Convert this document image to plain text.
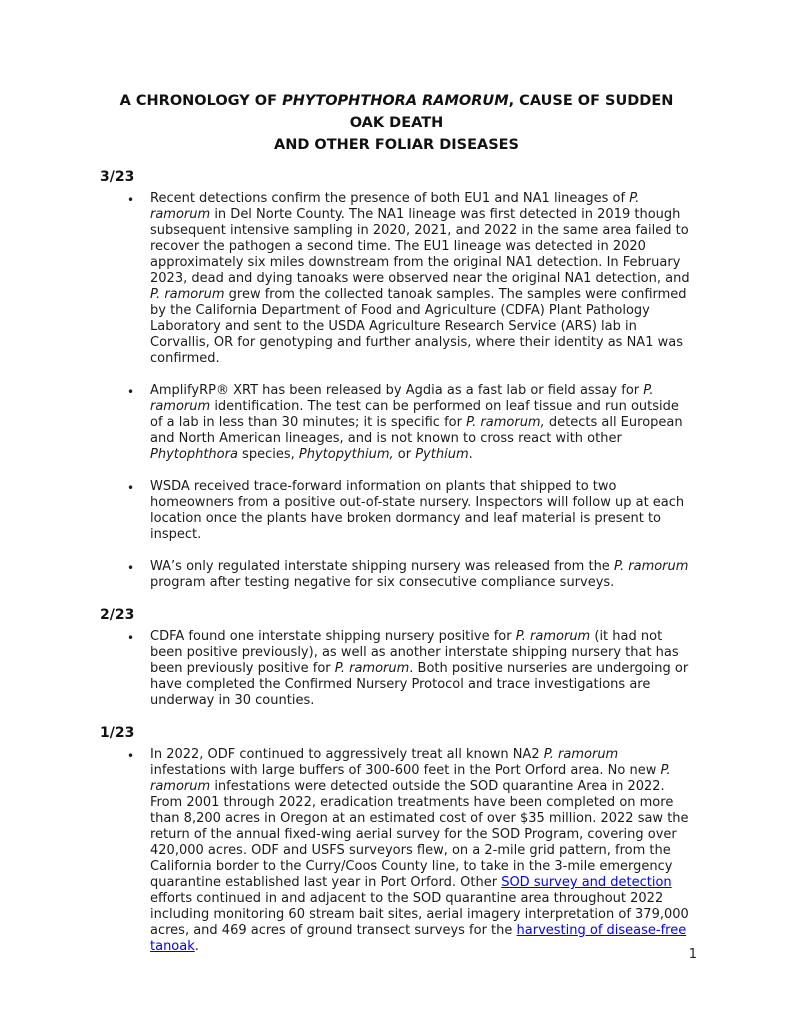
A CHRONOLOGY OF PHYTOPHTHORA RAMORUM, CAUSE OF SUDDEN OAK DEATH
AND OTHER FOLIAR DISEASES
3/23
• Recent detections confirm the presence of both EU1 and NA1 lineages of P. ramorum in Del Norte County. The NA1 lineage was first detected in 2019 though subsequent intensive sampling in 2020, 2021, and 2022 in the same area failed to recover the pathogen a second time. The EU1 lineage was detected in 2020 approximately six miles downstream from the original NA1 detection. In February 2023, dead and dying tanoaks were observed near the original NA1 detection, and P. ramorum grew from the collected tanoak samples. The samples were confirmed by the California Department of Food and Agriculture (CDFA) Plant Pathology Laboratory and sent to the USDA Agriculture Research Service (ARS) lab in Corvallis, OR for genotyping and further analysis, where their identity as NA1 was confirmed.
• AmplifyRP® XRT has been released by Agdia as a fast lab or field assay for P. ramorum identification. The test can be performed on leaf tissue and run outside of a lab in less than 30 minutes; it is specific for P. ramorum, detects all European and North American lineages, and is not known to cross react with other Phytophthora species, Phytopythium, or Pythium.
• WSDA received trace-forward information on plants that shipped to two homeowners from a positive out-of-state nursery. Inspectors will follow up at each location once the plants have broken dormancy and leaf material is present to inspect.
• WA’s only regulated interstate shipping nursery was released from the P. ramorum program after testing negative for six consecutive compliance surveys.
2/23
• CDFA found one interstate shipping nursery positive for P. ramorum (it had not been positive previously), as well as another interstate shipping nursery that has been previously positive for P. ramorum. Both positive nurseries are undergoing or have completed the Confirmed Nursery Protocol and trace investigations are underway in 30 counties.
1/23
• In 2022, ODF continued to aggressively treat all known NA2 P. ramorum infestations with large buffers of 300-600 feet in the Port Orford area. No new P. ramorum infestations were detected outside the SOD quarantine Area in 2022. From 2001 through 2022, eradication treatments have been completed on more than 8,200 acres in Oregon at an estimated cost of over $35 million. 2022 saw the return of the annual fixed-wing aerial survey for the SOD Program, covering over 420,000 acres. ODF and USFS surveyors flew, on a 2-mile grid pattern, from the California border to the Curry/Coos County line, to take in the 3-mile emergency quarantine established last year in Port Orford. Other SOD survey and detection efforts continued in and adjacent to the SOD quarantine area throughout 2022 including monitoring 60 stream bait sites, aerial imagery interpretation of 379,000 acres, and 469 acres of ground transect surveys for the harvesting of disease-free tanoak.
1
